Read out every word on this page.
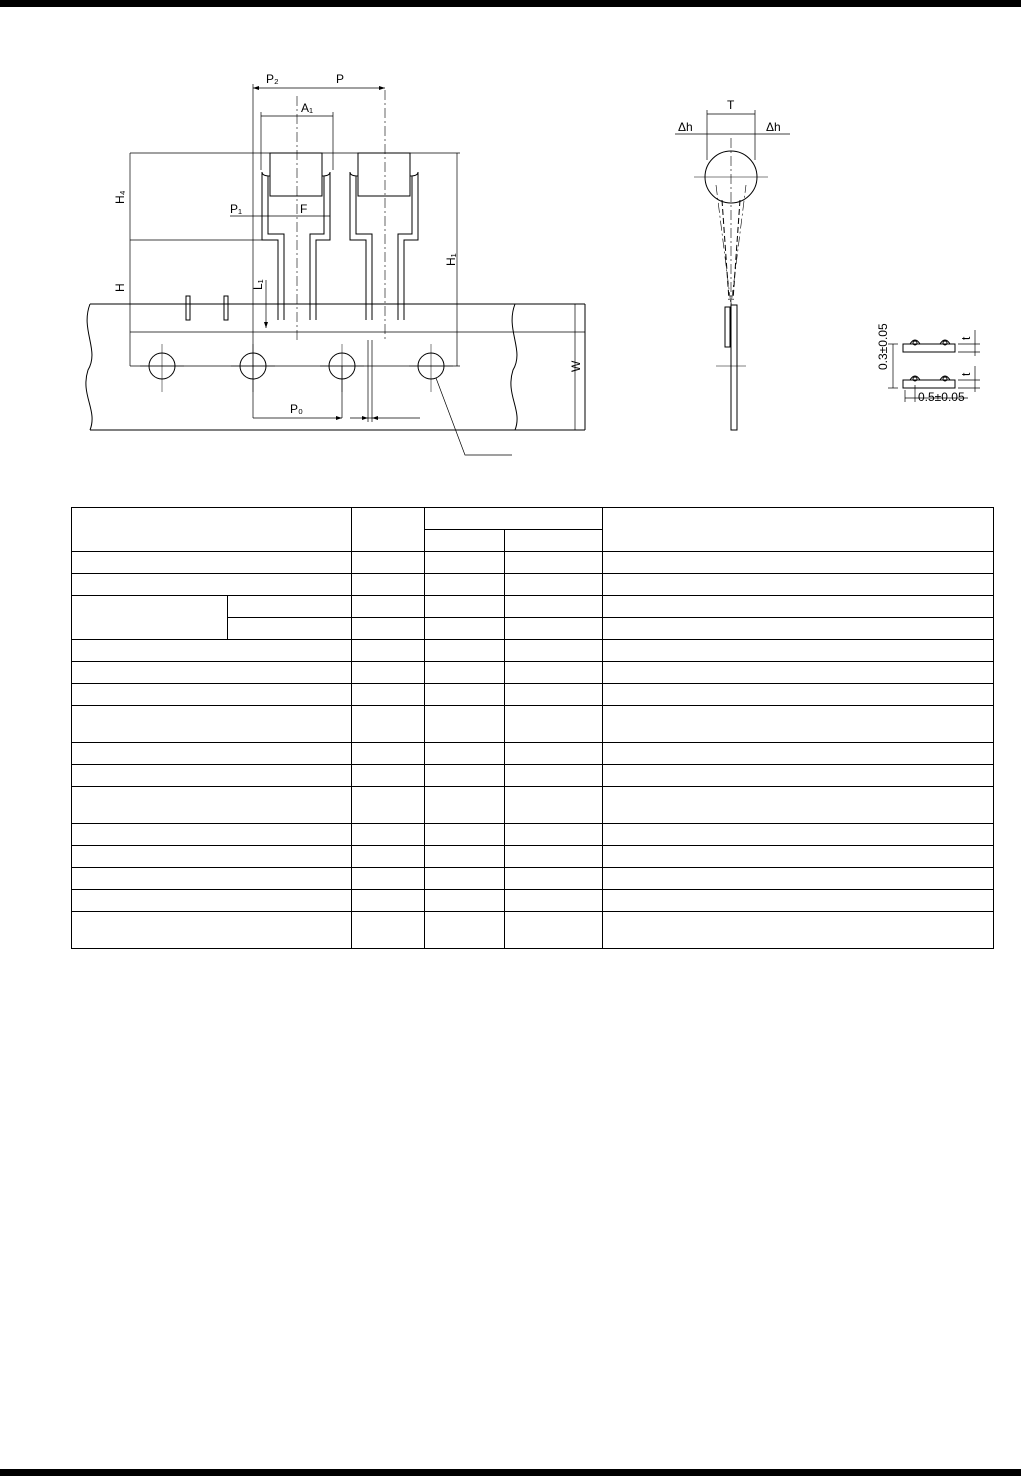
P₂	P
A₁
H₄
H
P₁	F
L₁
H₁
W
P₀
T
Δh	Δh
0.3±0.05
0.5±0.05
t
t
